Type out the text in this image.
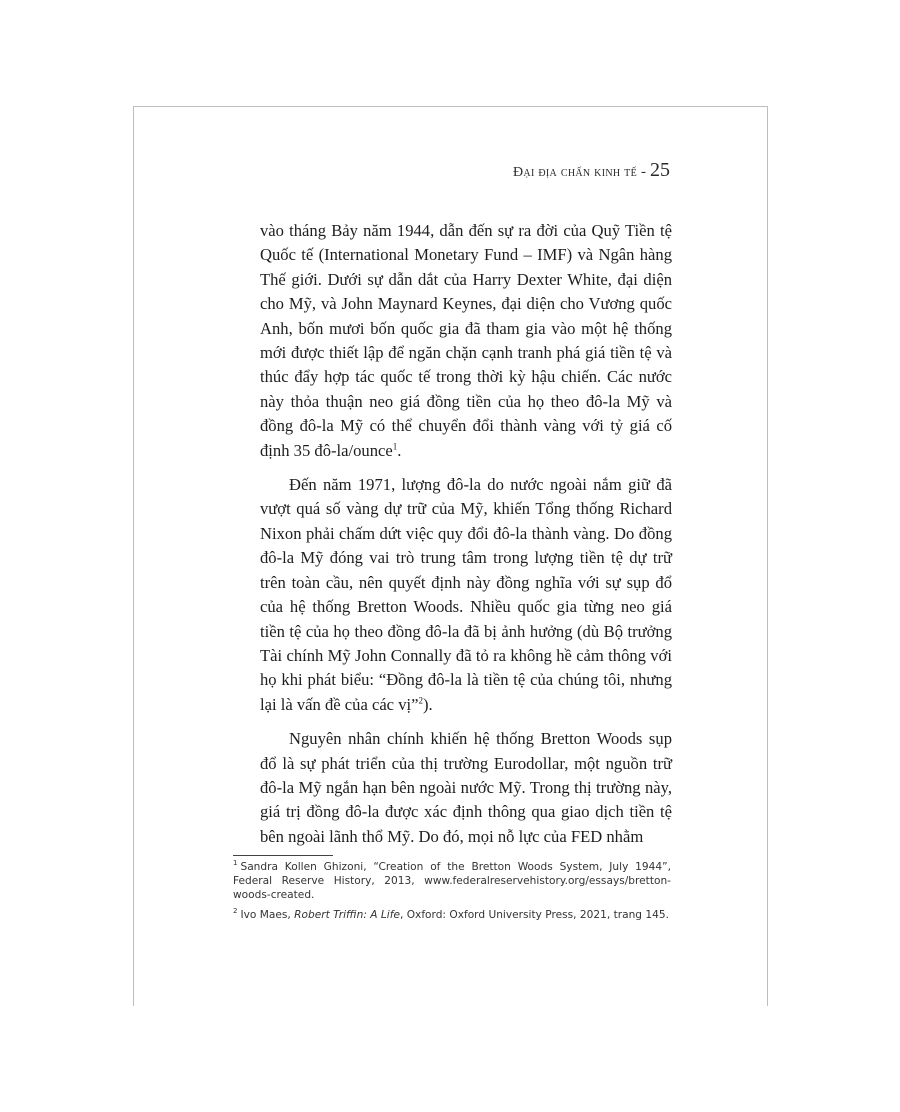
Đại địa chấn kinh tế - 25

vào tháng Bảy năm 1944, dẫn đến sự ra đời của Quỹ Tiền tệ Quốc tế (International Monetary Fund – IMF) và Ngân hàng Thế giới. Dưới sự dẫn dắt của Harry Dexter White, đại diện cho Mỹ, và John Maynard Keynes, đại diện cho Vương quốc Anh, bốn mươi bốn quốc gia đã tham gia vào một hệ thống mới được thiết lập để ngăn chặn cạnh tranh phá giá tiền tệ và thúc đẩy hợp tác quốc tế trong thời kỳ hậu chiến. Các nước này thỏa thuận neo giá đồng tiền của họ theo đô-la Mỹ và đồng đô-la Mỹ có thể chuyển đổi thành vàng với tỷ giá cố định 35 đô-la/ounce$^1$.

Đến năm 1971, lượng đô-la do nước ngoài nắm giữ đã vượt quá số vàng dự trữ của Mỹ, khiến Tổng thống Richard Nixon phải chấm dứt việc quy đổi đô-la thành vàng. Do đồng đô-la Mỹ đóng vai trò trung tâm trong lượng tiền tệ dự trữ trên toàn cầu, nên quyết định này đồng nghĩa với sự sụp đổ của hệ thống Bretton Woods. Nhiều quốc gia từng neo giá tiền tệ của họ theo đồng đô-la đã bị ảnh hưởng (dù Bộ trưởng Tài chính Mỹ John Connally đã tỏ ra không hề cảm thông với họ khi phát biểu: “Đồng đô-la là tiền tệ của chúng tôi, nhưng lại là vấn đề của các vị”$^2$).

Nguyên nhân chính khiến hệ thống Bretton Woods sụp đổ là sự phát triển của thị trường Eurodollar, một nguồn trữ đô-la Mỹ ngắn hạn bên ngoài nước Mỹ. Trong thị trường này, giá trị đồng đô-la được xác định thông qua giao dịch tiền tệ bên ngoài lãnh thổ Mỹ. Do đó, mọi nỗ lực của FED nhằm

$^1$ Sandra Kollen Ghizoni, “Creation of the Bretton Woods System, July 1944”, Federal Reserve History, 2013, www.federalreservehistory.org/essays/bretton-woods-created.

$^2$ Ivo Maes, Robert Triffin: A Life, Oxford: Oxford University Press, 2021, trang 145.
